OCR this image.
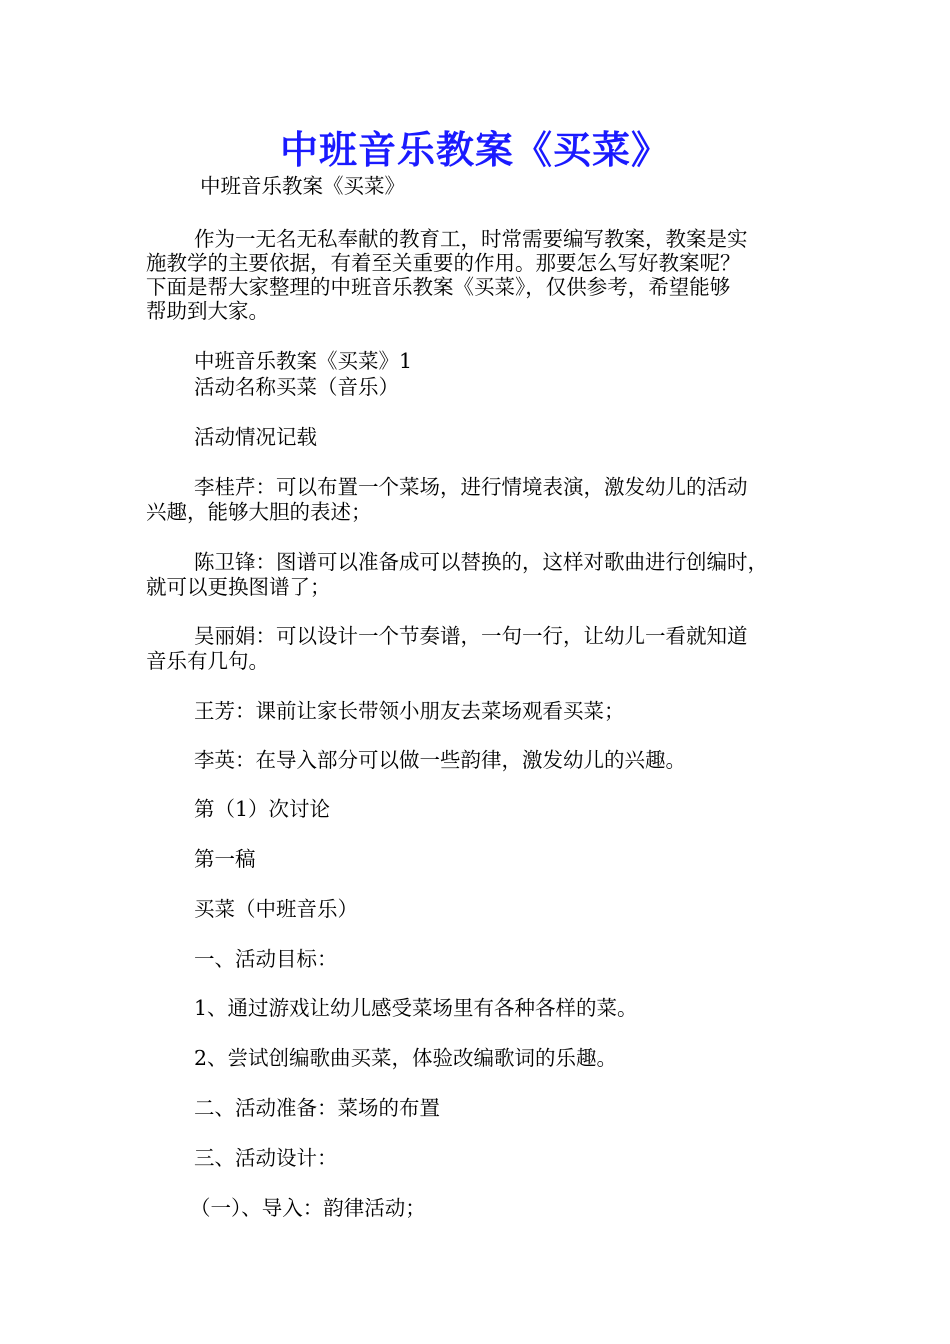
中班音乐教案《买菜》
中班音乐教案《买菜》
作为一无名无私奉献的教育工，时常需要编写教案，教案是实
施教学的主要依据，有着至关重要的作用。那要怎么写好教案呢？
下面是帮大家整理的中班音乐教案《买菜》，仅供参考，希望能够
帮助到大家。
中班音乐教案《买菜》1
活动名称买菜（音乐）
活动情况记载
李桂芹：可以布置一个菜场，进行情境表演，激发幼儿的活动
兴趣，能够大胆的表述；
陈卫锋：图谱可以准备成可以替换的，这样对歌曲进行创编时，
就可以更换图谱了；
吴丽娟：可以设计一个节奏谱，一句一行，让幼儿一看就知道
音乐有几句。
王芳：课前让家长带领小朋友去菜场观看买菜；
李英：在导入部分可以做一些韵律，激发幼儿的兴趣。
第（1）次讨论
第一稿
买菜（中班音乐）
一、活动目标：
1、通过游戏让幼儿感受菜场里有各种各样的菜。
2、尝试创编歌曲买菜，体验改编歌词的乐趣。
二、活动准备：菜场的布置
三、活动设计：
（一）、导入：韵律活动；
